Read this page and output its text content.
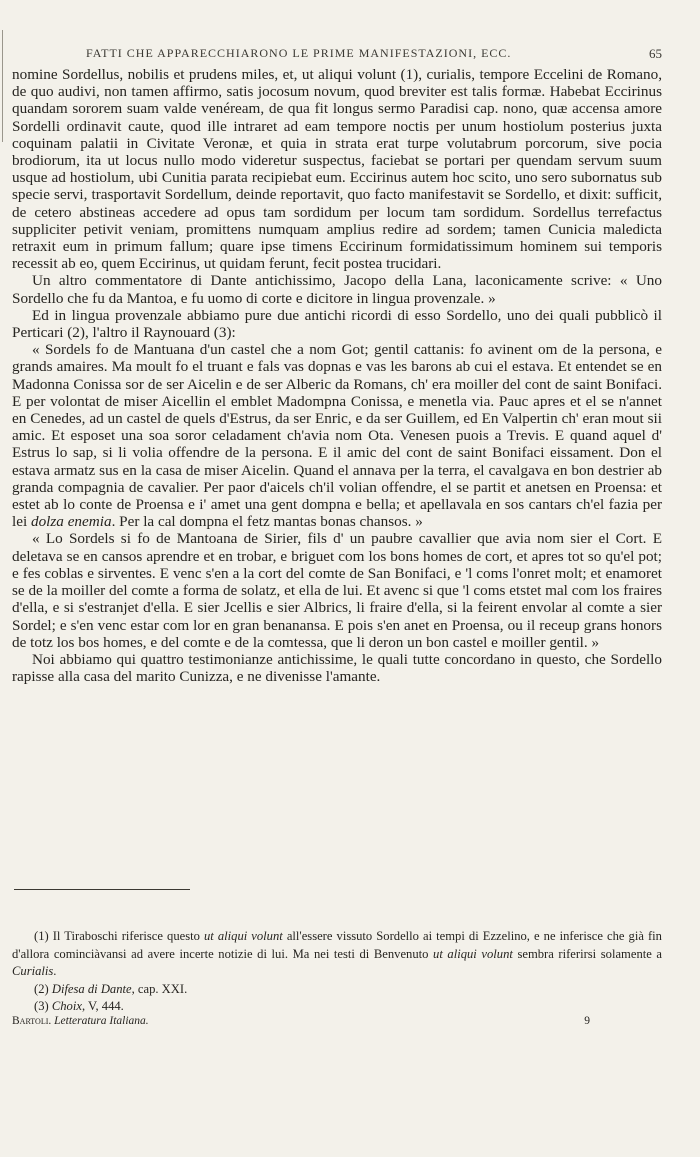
FATTI CHE APPARECCHIARONO LE PRIME MANIFESTAZIONI, ECC.	65

nomine Sordellus, nobilis et prudens miles, et, ut aliqui volunt (1), curialis, tempore Eccelini de Romano, de quo audivi, non tamen affirmo, satis jocosum novum, quod breviter est talis formæ. Habebat Eccirinus quandam sororem suam valde venéream, de qua fit longus sermo Paradisi cap. nono, quæ accensa amore Sordelli ordinavit caute, quod ille intraret ad eam tempore noctis per unum hostiolum posterius juxta coquinam palatii in Civitate Veronæ, et quia in strata erat turpe volutabrum porcorum, sive pocia brodiorum, ita ut locus nullo modo videretur suspectus, faciebat se portari per quendam servum suum usque ad hostiolum, ubi Cunitia parata recipiebat eum. Eccirinus autem hoc scito, uno sero subornatus sub specie servi, trasportavit Sordellum, deinde reportavit, quo facto manifestavit se Sordello, et dixit: sufficit, de cetero abstineas accedere ad opus tam sordidum per locum tam sordidum. Sordellus terrefactus suppliciter petivit veniam, promittens numquam amplius redire ad sordem; tamen Cunicia maledicta retraxit eum in primum fallum; quare ipse timens Eccirinum formidatissimum hominem sui temporis recessit ab eo, quem Eccirinus, ut quidam ferunt, fecit postea trucidari.

Un altro commentatore di Dante antichissimo, Jacopo della Lana, laconicamente scrive: « Uno Sordello che fu da Mantoa, e fu uomo di corte e dicitore in lingua provenzale. »

Ed in lingua provenzale abbiamo pure due antichi ricordi di esso Sordello, uno dei quali pubblicò il Perticari (2), l'altro il Raynouard (3):

« Sordels fo de Mantuana d'un castel che a nom Got; gentil cattanis: fo avinent om de la persona, e grands amaires. Ma moult fo el truant e fals vas dopnas e vas les barons ab cui el estava. Et entendet se en Madonna Conissa sor de ser Aicelin e de ser Alberic da Romans, ch' era moiller del cont de saint Bonifaci. E per volontat de miser Aicellin el emblet Madompna Conissa, e menetla via. Pauc apres et el se n'annet en Cenedes, ad un castel de quels d'Estrus, da ser Enric, e da ser Guillem, ed En Valpertin ch' eran mout sii amic. Et esposet una soa soror celadament ch'avia nom Ota. Venesen puois a Trevis. E quand aquel d' Estrus lo sap, si li volia offendre de la persona. E il amic del cont de saint Bonifaci eissament. Don el estava armatz sus en la casa de miser Aicelin. Quand el annava per la terra, el cavalgava en bon destrier ab granda compagnia de cavalier. Per paor d'aicels ch'il volian offendre, el se partit et anetsen en Proensa: et estet ab lo conte de Proensa e i' amet una gent dompna e bella; et apellavala en sos cantars ch'el fazia per lei dolza enemia. Per la cal dompna el fetz mantas bonas chansos. »

« Lo Sordels si fo de Mantoana de Sirier, fils d' un paubre cavallier que avia nom sier el Cort. E deletava se en cansos aprendre et en trobar, e briguet com los bons homes de cort, et apres tot so qu'el pot; e fes coblas e sirventes. E venc s'en a la cort del comte de San Bonifaci, e 'l coms l'onret molt; et enamoret se de la moiller del comte a forma de solatz, et ella de lui. Et avenc si que 'l coms etstet mal com los fraires d'ella, e si s'estranjet d'ella. E sier Jcellis e sier Albrics, li fraire d'ella, si la feirent envolar al comte a sier Sordel; e s'en venc estar com lor en gran benanansa. E pois s'en anet en Proensa, ou il receup grans honors de totz los bos homes, e del comte e de la comtessa, que li deron un bon castel e moiller gentil. »

Noi abbiamo qui quattro testimonianze antichissime, le quali tutte concordano in questo, che Sordello rapisse alla casa del marito Cunizza, e ne divenisse l'amante.

(1) Il Tiraboschi riferisce questo ut aliqui volunt all'essere vissuto Sordello ai tempi di Ezzelino, e ne inferisce che già fin d'allora cominciàvansi ad avere incerte notizie di lui. Ma nei testi di Benvenuto ut aliqui volunt sembra riferirsi solamente a Curialis.

(2) Difesa di Dante, cap. XXI.

(3) Choix, V, 444.

Bartoli. Letteratura Italiana.	9
